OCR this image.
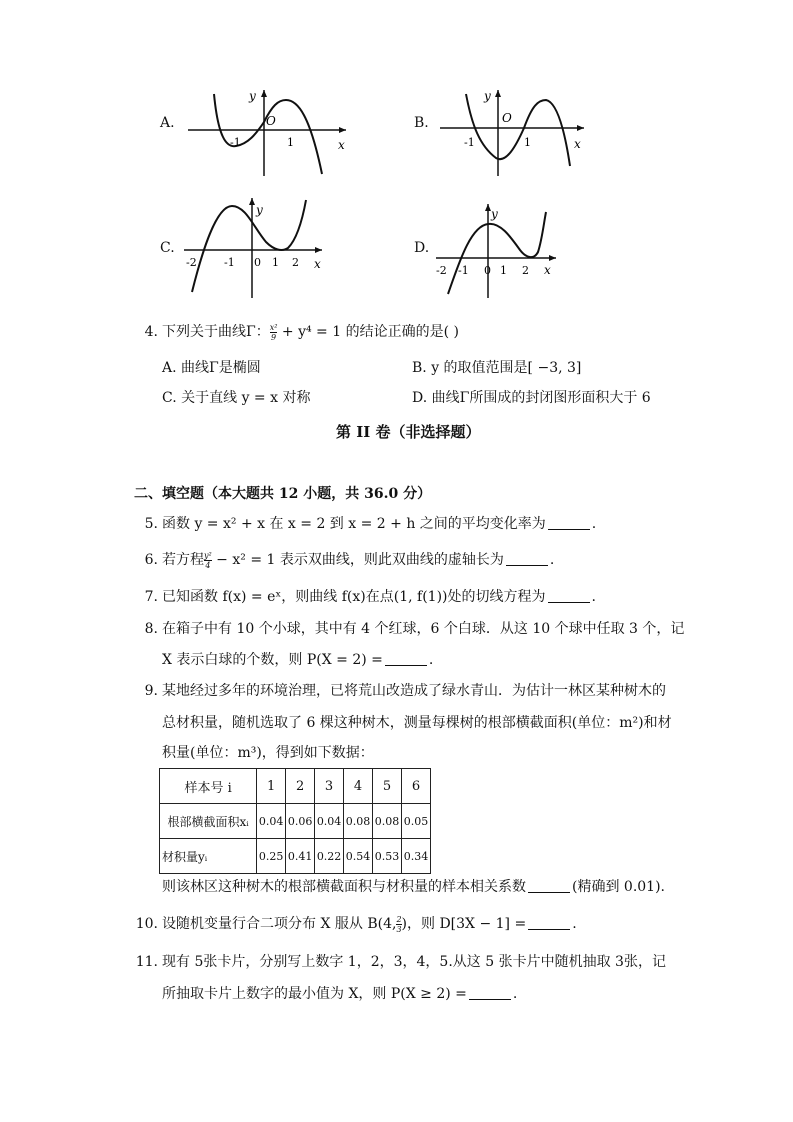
A.
y
O
x
-1	1
B.
y
O
x
-1	1
C.
y
x
-2 -1 0 1 2
D.
y
x
-2 -1 0 1 2
4. 下列关于曲线Γ： $\frac{\text{x²}}{9} + y^4 = 1$ 的结论正确的是( )
A. 曲线Γ是椭圆	B. y 的取值范围是[ −3, 3]
C. 关于直线 y = x 对称	D. 曲线Γ所围成的封闭图形面积大于 6
第 II 卷（非选择题）
二、填空题（本大题共 12 小题，共 36.0 分）
5. 函数 y = x² + x 在 x = 2 到 x = 2 + h 之间的平均变化率为	.
6. 若方程 $\frac{\text{y²}}{4} - x^2 = 1$ 表示双曲线，则此双曲线的虚轴长为	.
7. 已知函数 f(x) = eˣ，则曲线 f(x)在点(1, f(1))处的切线方程为	.
8. 在箱子中有 10 个小球，其中有 4 个红球，6 个白球．从这 10 个球中任取 3 个，记
X 表示白球的个数，则 P(X = 2) =	.
9. 某地经过多年的环境治理，已将荒山改造成了绿水青山．为估计一林区某种树木的
总材积量，随机选取了 6 棵这种树木，测量每棵树的根部横截面积(单位：m²)和材
积量(单位：m³)，得到如下数据：
样本号 i	1	2	3	4	5	6
根部横截面积xᵢ	0.04	0.06	0.04	0.08	0.08	0.05
材积量yᵢ	0.25	0.41	0.22	0.54	0.53	0.34
则该林区这种树木的根部横截面积与材积量的样本相关系数	(精确到 0.01).
10. 设随机变量行合二项分布 X 服从 B(4, $\frac{2}{3}$ )，则 D[3X − 1] =	.
11. 现有 5张卡片，分别写上数字 1，2，3，4，5.从这 5 张卡片中随机抽取 3张，记
所抽取卡片上数字的最小值为 X，则 P(X ≥ 2) =	.
